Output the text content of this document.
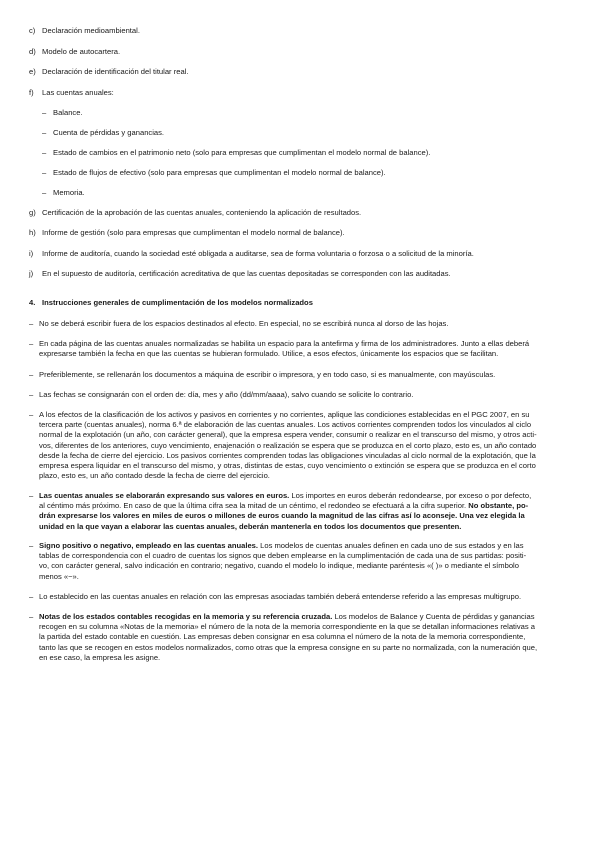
c) Declaración medioambiental.
d) Modelo de autocartera.
e) Declaración de identificación del titular real.
f) Las cuentas anuales:
– Balance.
– Cuenta de pérdidas y ganancias.
– Estado de cambios en el patrimonio neto (solo para empresas que cumplimentan el modelo normal de balance).
– Estado de flujos de efectivo (solo para empresas que cumplimentan el modelo normal de balance).
– Memoria.
g) Certificación de la aprobación de las cuentas anuales, conteniendo la aplicación de resultados.
h) Informe de gestión (solo para empresas que cumplimentan el modelo normal de balance).
i) Informe de auditoría, cuando la sociedad esté obligada a auditarse, sea de forma voluntaria o forzosa o a solicitud de la minoría.
j) En el supuesto de auditoría, certificación acreditativa de que las cuentas depositadas se corresponden con las auditadas.
4. Instrucciones generales de cumplimentación de los modelos normalizados
– No se deberá escribir fuera de los espacios destinados al efecto. En especial, no se escribirá nunca al dorso de las hojas.

– En cada página de las cuentas anuales normalizadas se habilita un espacio para la antefirma y firma de los administradores. Junto a ellas deberá

expresarse también la fecha en que las cuentas se hubieran formulado. Utilice, a esos efectos, únicamente los espacios que se facilitan.

– Preferiblemente, se rellenarán los documentos a máquina de escribir o impresora, y en todo caso, si es manualmente, con mayúsculas.

– Las fechas se consignarán con el orden de: día, mes y año (dd/mm/aaaa), salvo cuando se solicite lo contrario.

– A los efectos de la clasificación de los activos y pasivos en corrientes y no corrientes, aplique las condiciones establecidas en el PGC 2007, en su

tercera parte (cuentas anuales), norma 6.ª de elaboración de las cuentas anuales. Los activos corrientes comprenden todos los vinculados al ciclo

normal de la explotación (un año, con carácter general), que la empresa espera vender, consumir o realizar en el transcurso del mismo, y otros acti-

vos, diferentes de los anteriores, cuyo vencimiento, enajenación o realización se espera que se produzca en el corto plazo, esto es, un año contado

desde la fecha de cierre del ejercicio. Los pasivos corrientes comprenden todas las obligaciones vinculadas al ciclo normal de la explotación, que la

empresa espera liquidar en el transcurso del mismo, y otras, distintas de estas, cuyo vencimiento o extinción se espera que se produzca en el corto

plazo, esto es, un año contado desde la fecha de cierre del ejercicio.

– Las cuentas anuales se elaborarán expresando sus valores en euros. Los importes en euros deberán redondearse, por exceso o por defecto,

al céntimo más próximo. En caso de que la última cifra sea la mitad de un céntimo, el redondeo se efectuará a la cifra superior. No obstante, po-

drán expresarse los valores en miles de euros o millones de euros cuando la magnitud de las cifras así lo aconseje. Una vez elegida la

unidad en la que vayan a elaborar las cuentas anuales, deberán mantenerla en todos los documentos que presenten.

– Signo positivo o negativo, empleado en las cuentas anuales. Los modelos de cuentas anuales definen en cada uno de sus estados y en las

tablas de correspondencia con el cuadro de cuentas los signos que deben emplearse en la cumplimentación de cada una de sus partidas: positi-

vo, con carácter general, salvo indicación en contrario; negativo, cuando el modelo lo indique, mediante paréntesis «( )» o mediante el símbolo

menos «−».

– Lo establecido en las cuentas anuales en relación con las empresas asociadas también deberá entenderse referido a las empresas multigrupo.

– Notas de los estados contables recogidas en la memoria y su referencia cruzada. Los modelos de Balance y Cuenta de pérdidas y ganancias

recogen en su columna «Notas de la memoria» el número de la nota de la memoria correspondiente en la que se detallan informaciones relativas a

la partida del estado contable en cuestión. Las empresas deben consignar en esa columna el número de la nota de la memoria correspondiente,

tanto las que se recogen en estos modelos normalizados, como otras que la empresa consigne en su parte no normalizada, con la numeración que,

en ese caso, la empresa les asigne.
